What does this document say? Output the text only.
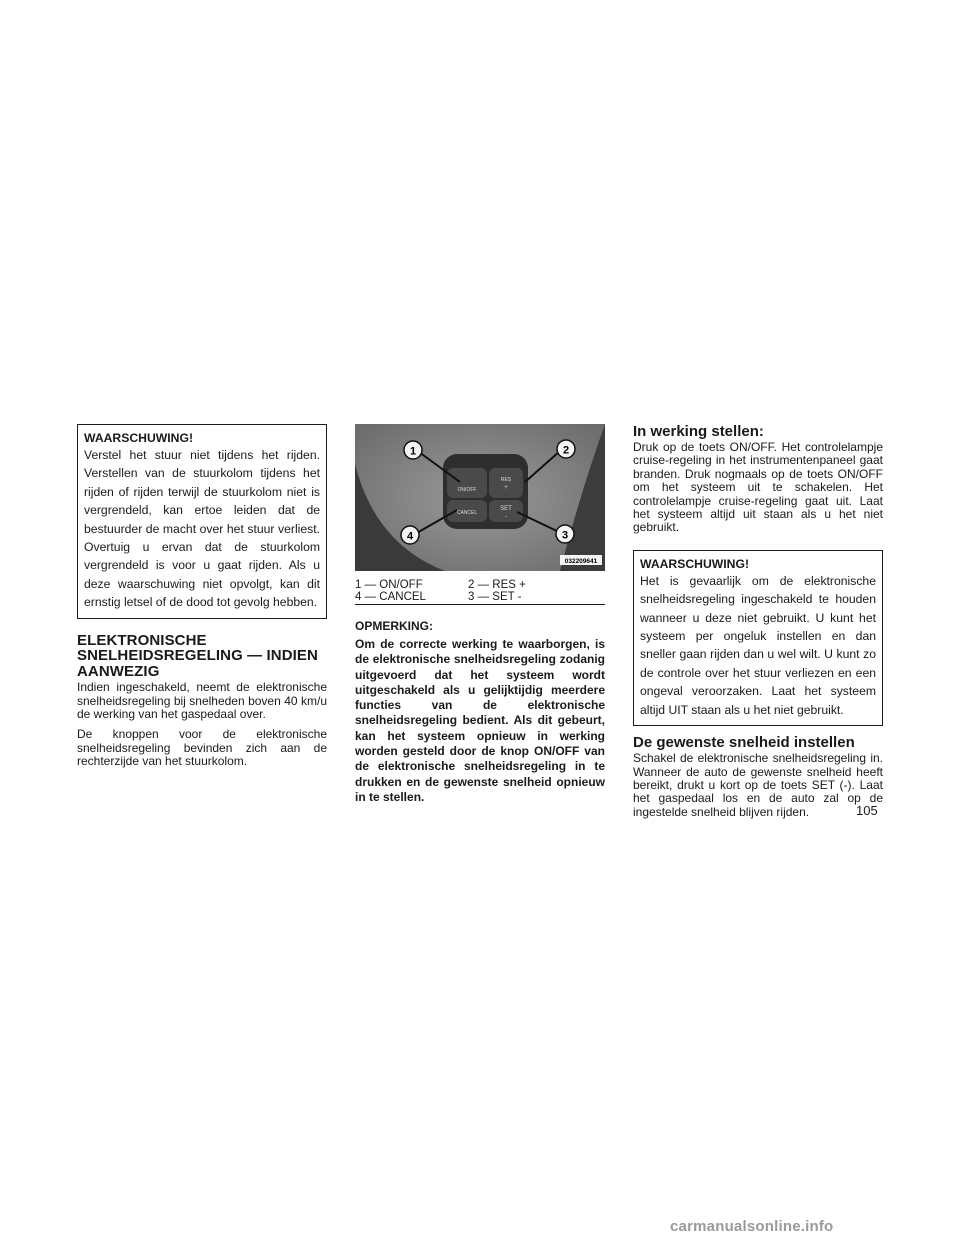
WAARSCHUWING!

Verstel het stuur niet tijdens het rijden. Verstellen van de stuurkolom tijdens het rijden of rijden terwijl de stuurkolom niet is vergrendeld, kan ertoe leiden dat de bestuurder de macht over het stuur verliest. Overtuig u ervan dat de stuurkolom vergrendeld is voor u gaat rijden. Als u deze waarschuwing niet opvolgt, kan dit ernstig letsel of de dood tot gevolg hebben.

ELEKTRONISCHE SNELHEIDSREGELING — INDIEN AANWEZIG

Indien ingeschakeld, neemt de elektronische snelheidsregeling bij snelheden boven 40 km/u de werking van het gaspedaal over.

De knoppen voor de elektronische snelheidsregeling bevinden zich aan de rechterzijde van het stuurkolom.

ON/OFF
RES
+
CANCEL
SET
-
1	2
3
4
032209641
1 — ON/OFF	2 — RES +
4 — CANCEL	3 — SET -

OPMERKING:

Om de correcte werking te waarborgen, is de elektronische snelheidsregeling zodanig uitgevoerd dat het systeem wordt uitgeschakeld als u gelijktijdig meerdere functies van de elektronische snelheidsregeling bedient. Als dit gebeurt, kan het systeem opnieuw in werking worden gesteld door de knop ON/OFF van de elektronische snelheidsregeling in te drukken en de gewenste snelheid opnieuw in te stellen.

In werking stellen:

Druk op de toets ON/OFF. Het controlelampje cruise-regeling in het instrumentenpaneel gaat branden. Druk nogmaals op de toets ON/OFF om het systeem uit te schakelen. Het controlelampje cruise-regeling gaat uit. Laat het systeem altijd uit staan als u het niet gebruikt.

WAARSCHUWING!

Het is gevaarlijk om de elektronische snelheidsregeling ingeschakeld te houden wanneer u deze niet gebruikt. U kunt het systeem per ongeluk instellen en dan sneller gaan rijden dan u wel wilt. U kunt zo de controle over het stuur verliezen en een ongeval veroorzaken. Laat het systeem altijd UIT staan als u het niet gebruikt.

De gewenste snelheid instellen

Schakel de elektronische snelheidsregeling in. Wanneer de auto de gewenste snelheid heeft bereikt, drukt u kort op de toets SET (-). Laat het gaspedaal los en de auto zal op de ingestelde snelheid blijven rijden.	105
carmanualsonline.info
